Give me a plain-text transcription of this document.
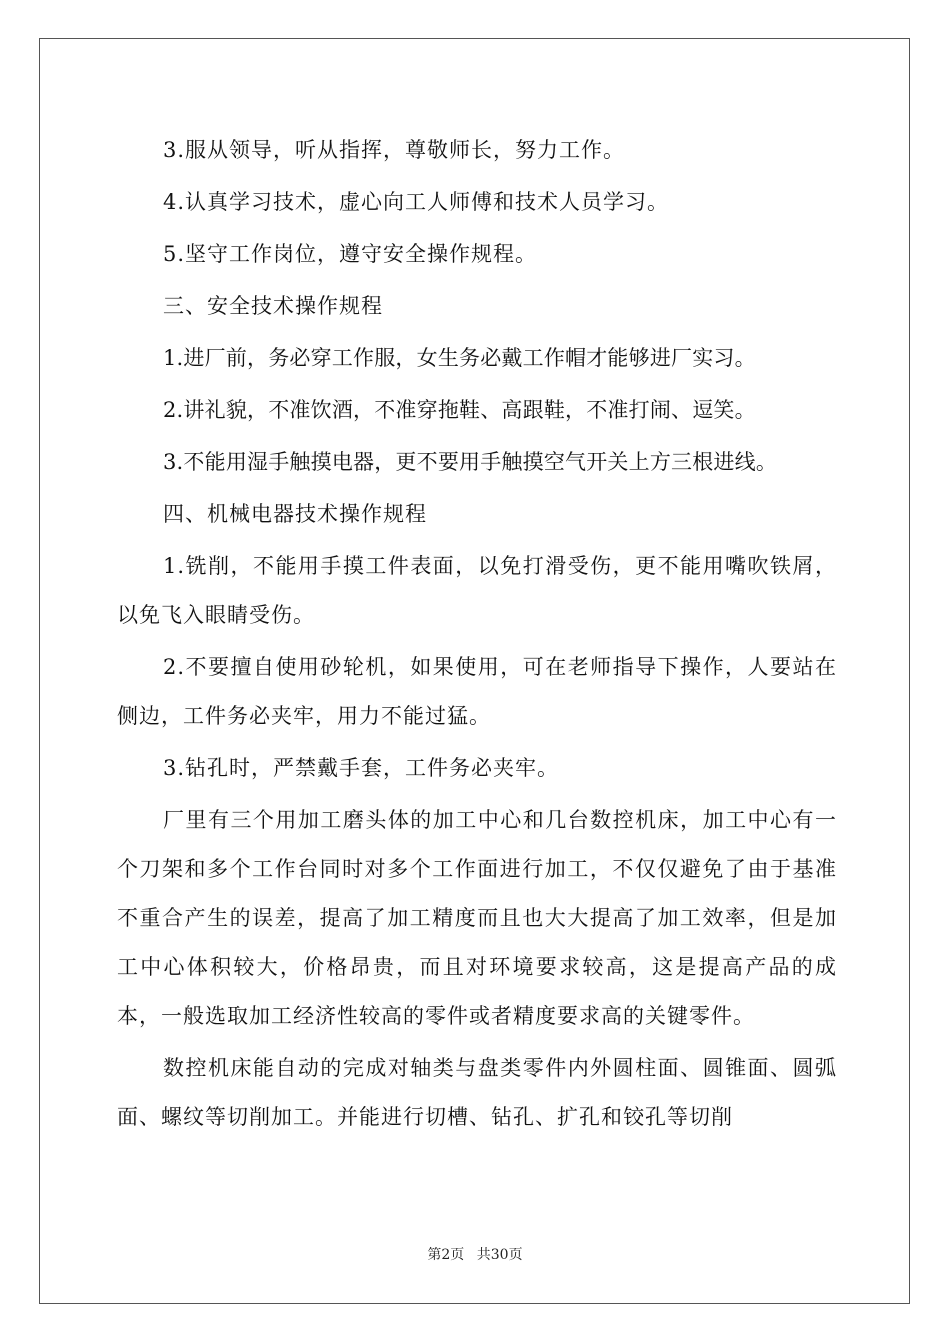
3.服从领导，听从指挥，尊敬师长，努力工作。

4.认真学习技术，虚心向工人师傅和技术人员学习。

5.坚守工作岗位，遵守安全操作规程。

三、安全技术操作规程

1.进厂前，务必穿工作服，女生务必戴工作帽才能够进厂实习。

2.讲礼貌，不准饮酒，不准穿拖鞋、高跟鞋，不准打闹、逗笑。

3.不能用湿手触摸电器，更不要用手触摸空气开关上方三根进线。

四、机械电器技术操作规程

1.铣削，不能用手摸工件表面，以免打滑受伤，更不能用嘴吹铁屑，以免飞入眼睛受伤。

2.不要擅自使用砂轮机，如果使用，可在老师指导下操作，人要站在侧边，工件务必夹牢，用力不能过猛。

3.钻孔时，严禁戴手套，工件务必夹牢。

厂里有三个用加工磨头体的加工中心和几台数控机床，加工中心有一个刀架和多个工作台同时对多个工作面进行加工，不仅仅避免了由于基准不重合产生的误差，提高了加工精度而且也大大提高了加工效率，但是加工中心体积较大，价格昂贵，而且对环境要求较高，这是提高产品的成本，一般选取加工经济性较高的零件或者精度要求高的关键零件。

数控机床能自动的完成对轴类与盘类零件内外圆柱面、圆锥面、圆弧面、螺纹等切削加工。并能进行切槽、钻孔、扩孔和铰孔等切削

第2页 共30页
